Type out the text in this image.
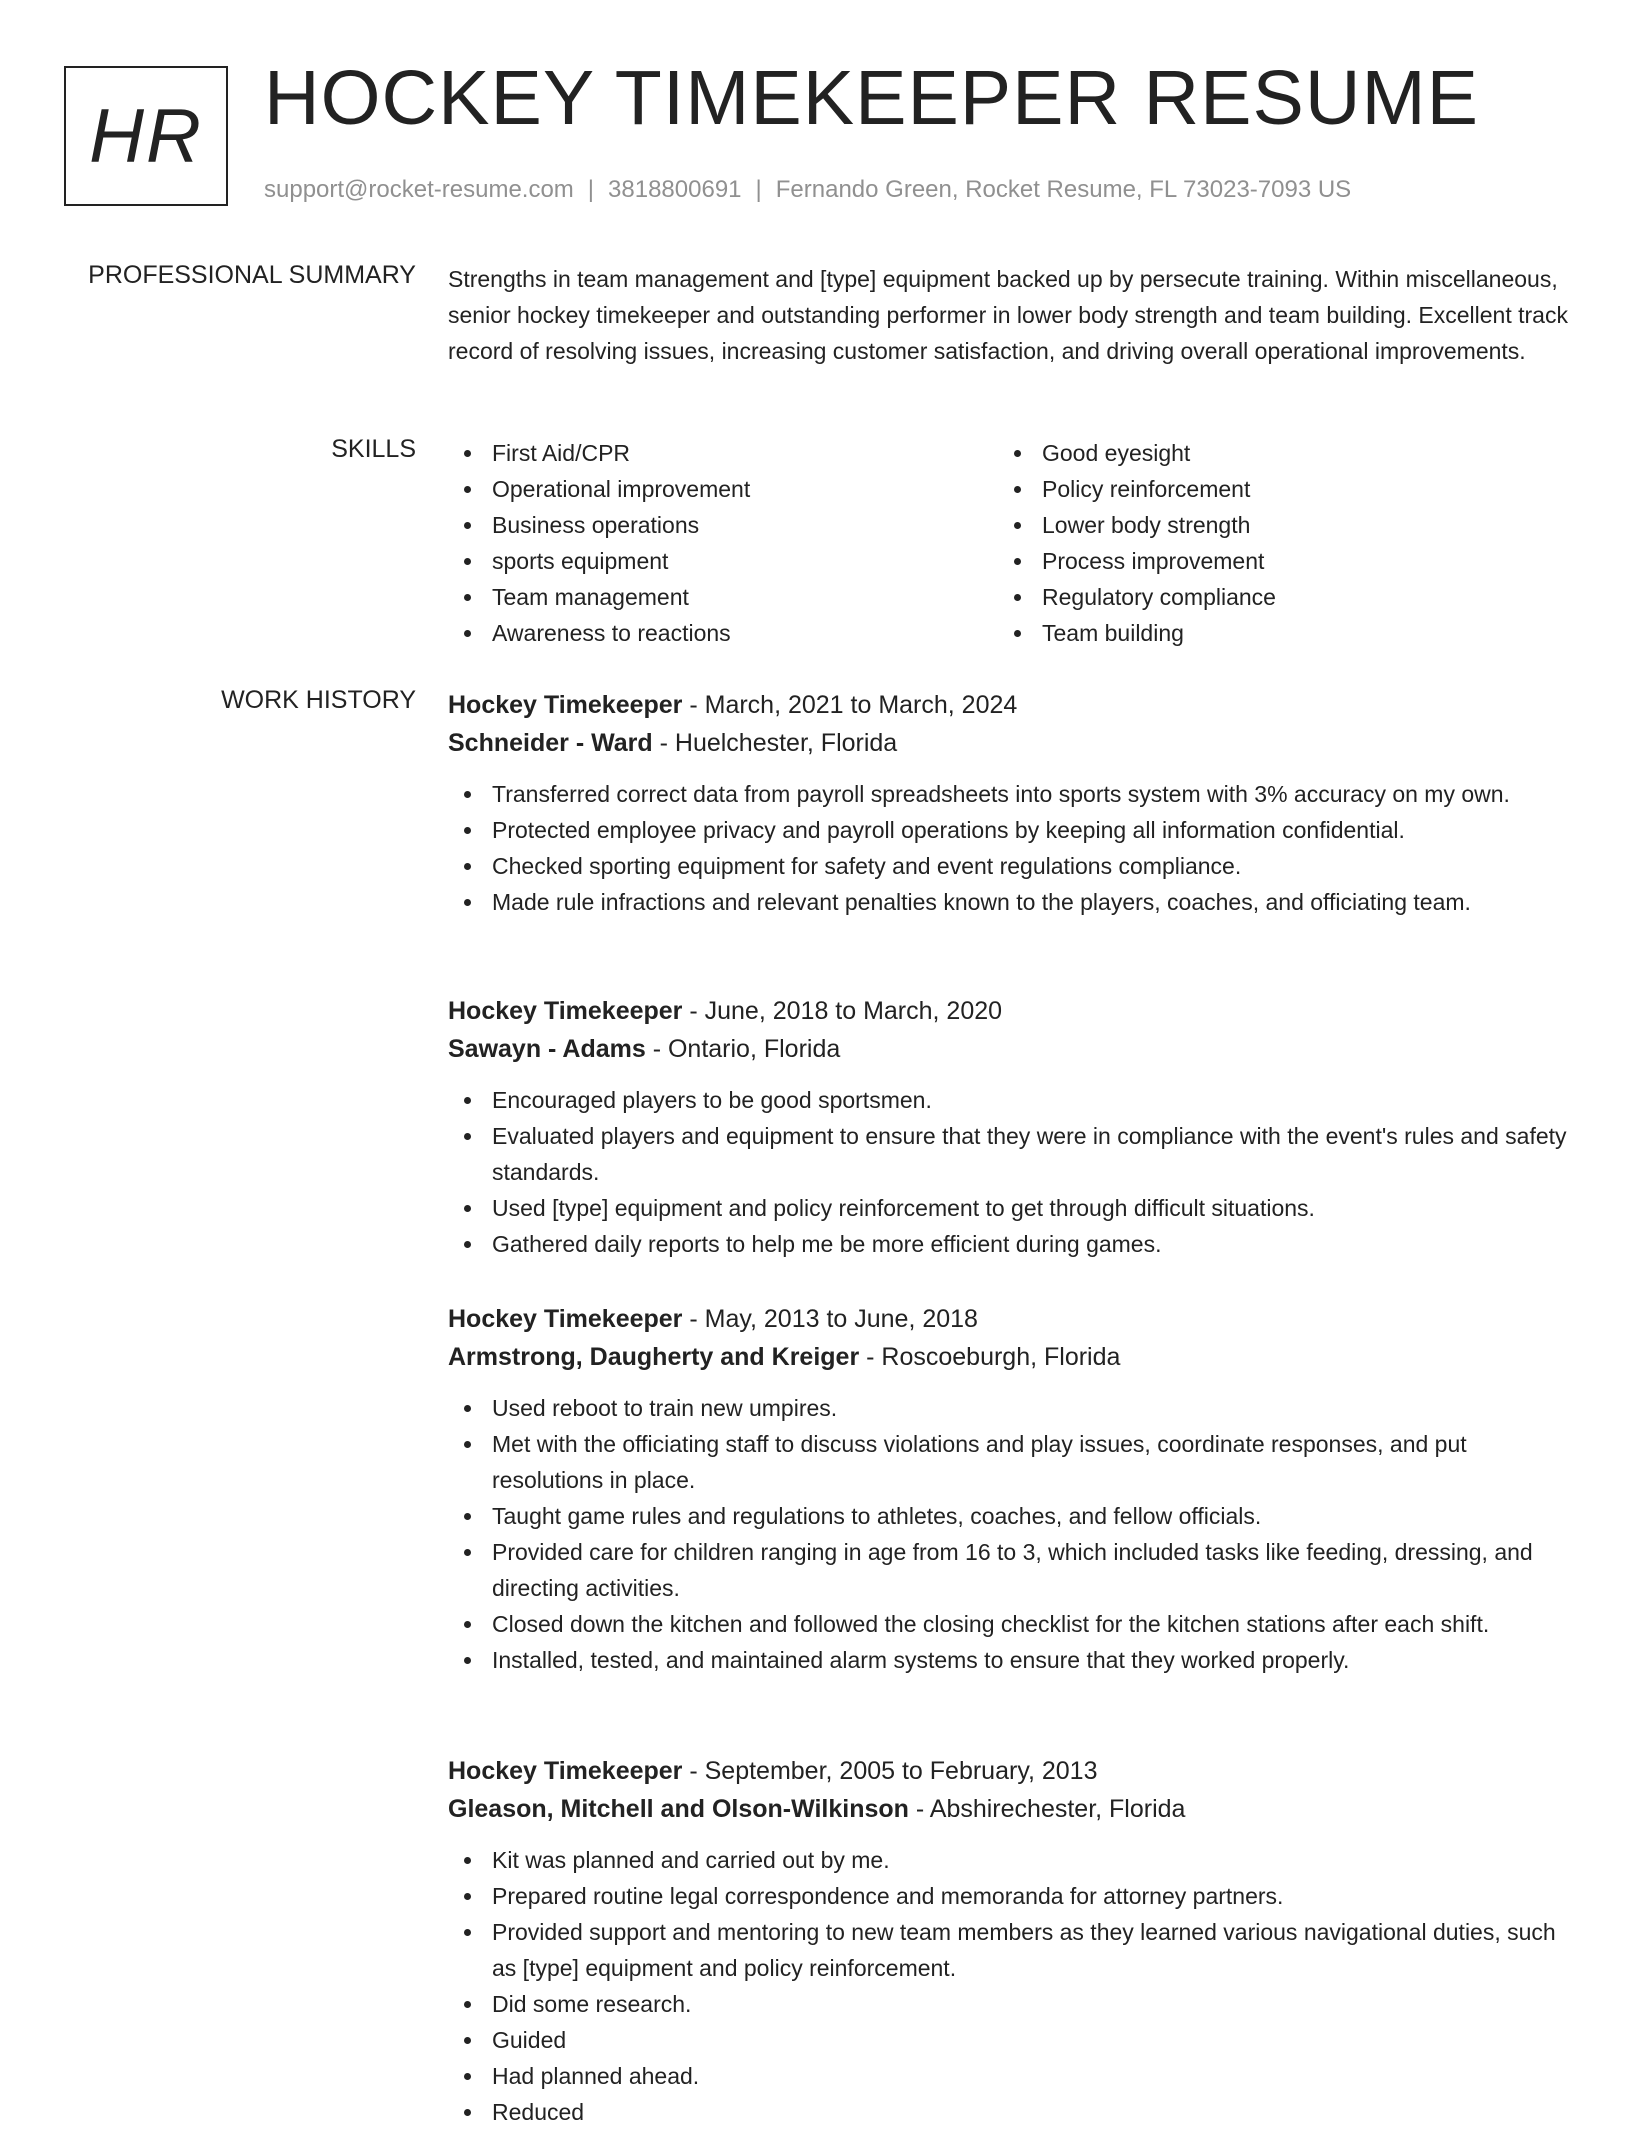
HR HOCKEY TIMEKEEPER RESUME
support@rocket-resume.com | 3818800691 | Fernando Green, Rocket Resume, FL 73023-7093 US
PROFESSIONAL SUMMARY Strengths in team management and [type] equipment backed up by persecute training. Within miscellaneous, senior hockey timekeeper and outstanding performer in lower body strength and team building. Excellent track record of resolving issues, increasing customer satisfaction, and driving overall operational improvements.

SKILLS	First Aid/CPR
Operational improvement
Business operations
sports equipment
Team management
Awareness to reactions
Good eyesight
Policy reinforcement
Lower body strength
Process improvement
Regulatory compliance
Team building
WORK HISTORY Hockey Timekeeper - March, 2021 to March, 2024
Schneider - Ward - Huelchester, Florida
Transferred correct data from payroll spreadsheets into sports system with 3% accuracy on my own.
Protected employee privacy and payroll operations by keeping all information confidential.
Checked sporting equipment for safety and event regulations compliance.
Made rule infractions and relevant penalties known to the players, coaches, and officiating team.
Hockey Timekeeper - June, 2018 to March, 2020
Sawayn - Adams - Ontario, Florida
Encouraged players to be good sportsmen.
Evaluated players and equipment to ensure that they were in compliance with the event's rules and safety standards.
Used [type] equipment and policy reinforcement to get through difficult situations.
Gathered daily reports to help me be more efficient during games.
Hockey Timekeeper - May, 2013 to June, 2018
Armstrong, Daugherty and Kreiger - Roscoeburgh, Florida
Used reboot to train new umpires.
Met with the officiating staff to discuss violations and play issues, coordinate responses, and put resolutions in place.
Taught game rules and regulations to athletes, coaches, and fellow officials.
Provided care for children ranging in age from 16 to 3, which included tasks like feeding, dressing, and directing activities.
Closed down the kitchen and followed the closing checklist for the kitchen stations after each shift.
Installed, tested, and maintained alarm systems to ensure that they worked properly.
Hockey Timekeeper - September, 2005 to February, 2013
Gleason, Mitchell and Olson-Wilkinson - Abshirechester, Florida
Kit was planned and carried out by me.
Prepared routine legal correspondence and memoranda for attorney partners.
Provided support and mentoring to new team members as they learned various navigational duties, such as [type] equipment and policy reinforcement.
Did some research.
Guided
Had planned ahead.
Reduced
